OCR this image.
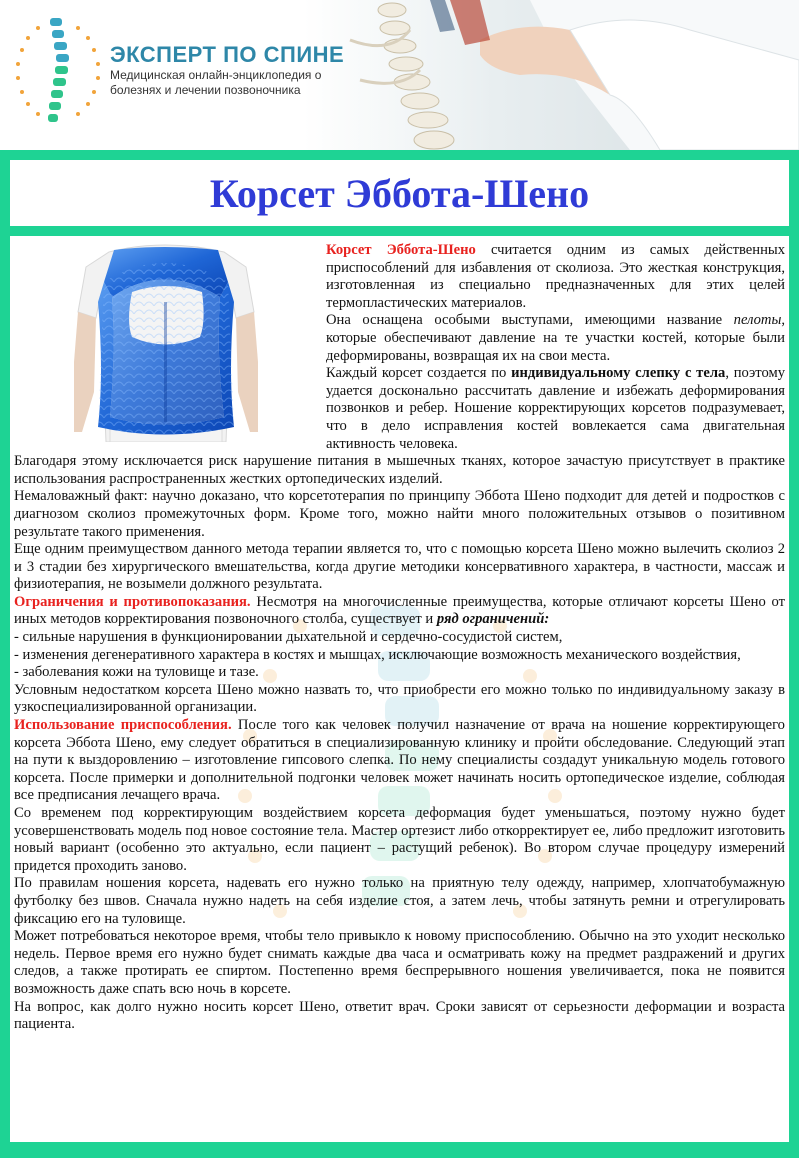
ЭКСПЕРТ ПО СПИНЕ
Медицинская онлайн-энциклопедия о болезнях и лечении позвоночника
Корсет Эббота-Шено

Корсет Эббота-Шено считается одним из самых действенных приспособлений для избавления от сколиоза. Это жесткая конструкция, изготовленная из специально предназначенных для этих целей термопластических материалов.

Она оснащена особыми выступами, имеющими название пелоты, которые обеспечивают давление на те участки костей, которые были деформированы, возвращая их на свои места.

Каждый корсет создается по индивидуальному слепку с тела, поэтому удается досконально рассчитать давление и избежать деформирования позвонков и ребер. Ношение корректирующих корсетов подразумевает, что в дело исправления костей вовлекается сама двигательная активность человека.

Благодаря этому исключается риск нарушение питания в мышечных тканях, которое зачастую присутствует в практике использования распространенных жестких ортопедических изделий.

Немаловажный факт: научно доказано, что корсетотерапия по принципу Эббота Шено подходит для детей и подростков с диагнозом сколиоз промежуточных форм. Кроме того, можно найти много положительных отзывов о позитивном результате такого применения.

Еще одним преимуществом данного метода терапии является то, что с помощью корсета Шено можно вылечить сколиоз 2 и 3 стадии без хирургического вмешательства, когда другие методики консервативного характера, в частности, массаж и физиотерапия, не возымели должного результата.

Ограничения и противопоказания. Несмотря на многочисленные преимущества, которые отличают корсеты Шено от иных методов корректирования позвоночного столба, существует и ряд ограничений:

- сильные нарушения в функционировании дыхательной и сердечно-сосудистой систем,

- изменения дегенеративного характера в костях и мышцах, исключающие возможность механического воздействия,

- заболевания кожи на туловище и тазе.

Условным недостатком корсета Шено можно назвать то, что приобрести его можно только по индивидуальному заказу в узкоспециализированной организации.

Использование приспособления. После того как человек получил назначение от врача на ношение корректирующего корсета Эббота Шено, ему следует обратиться в специализированную клинику и пройти обследование. Следующий этап на пути к выздоровлению – изготовление гипсового слепка. По нему специалисты создадут уникальную модель готового корсета. После примерки и дополнительной подгонки человек может начинать носить ортопедическое изделие, соблюдая все предписания лечащего врача.

Со временем под корректирующим воздействием корсета деформация будет уменьшаться, поэтому нужно будет усовершенствовать модель под новое состояние тела. Мастер ортезист либо откорректирует ее, либо предложит изготовить новый вариант (особенно это актуально, если пациент – растущий ребенок). Во втором случае процедуру измерений придется проходить заново.

По правилам ношения корсета, надевать его нужно только на приятную телу одежду, например, хлопчатобумажную футболку без швов. Сначала нужно надеть на себя изделие стоя, а затем лечь, чтобы затянуть ремни и отрегулировать фиксацию его на туловище.

Может потребоваться некоторое время, чтобы тело привыкло к новому приспособлению. Обычно на это уходит несколько недель. Первое время его нужно будет снимать каждые два часа и осматривать кожу на предмет раздражений и других следов, а также протирать ее спиртом. Постепенно время беспрерывного ношения увеличивается, пока не появится возможность даже спать всю ночь в корсете.

На вопрос, как долго нужно носить корсет Шено, ответит врач. Сроки зависят от серьезности деформации и возраста пациента.
